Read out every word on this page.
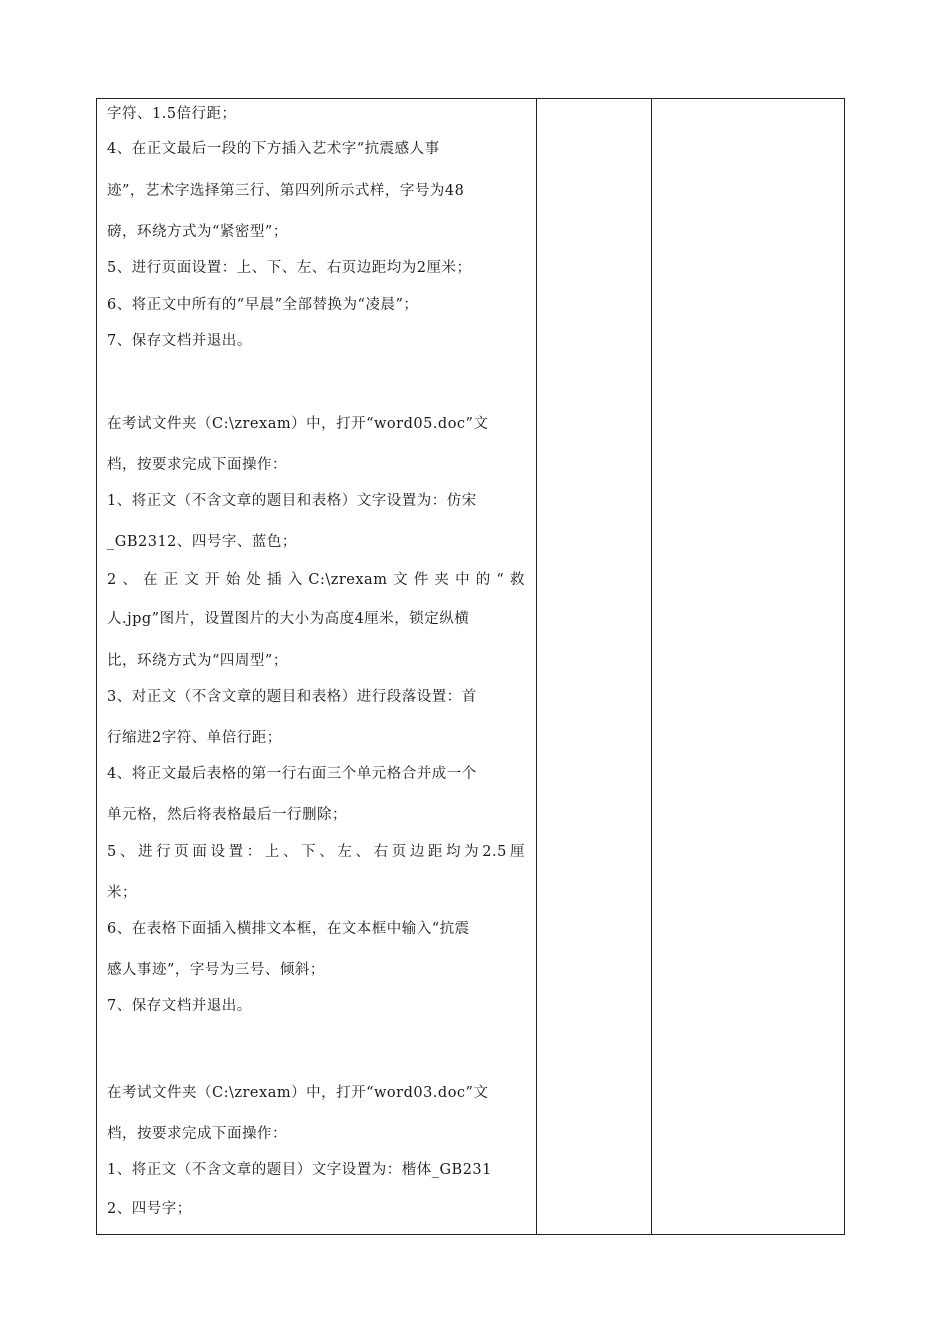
字符、1.5倍行距；
4、在正文最后一段的下方插入艺术字“抗震感人事
迹”，艺术字选择第三行、第四列所示式样，字号为48
磅，环绕方式为“紧密型”；
5、进行页面设置：上、下、左、右页边距均为2厘米；
6、将正文中所有的“早晨”全部替换为“凌晨”；
7、保存文档并退出。
在考试文件夹（C:\zrexam）中，打开“word05.doc”文
档，按要求完成下面操作：
1、将正文（不含文章的题目和表格）文字设置为：仿宋
_GB2312、四号字、蓝色；
2、在正文开始处插入C:\zrexam文件夹中的“救
人.jpg”图片，设置图片的大小为高度4厘米，锁定纵横
比，环绕方式为“四周型”；
3、对正文（不含文章的题目和表格）进行段落设置：首
行缩进2字符、单倍行距；
4、将正文最后表格的第一行右面三个单元格合并成一个
单元格，然后将表格最后一行删除；
5、进行页面设置：上、下、左、右页边距均为2.5厘
米；
6、在表格下面插入横排文本框，在文本框中输入“抗震
感人事迹”，字号为三号、倾斜；
7、保存文档并退出。
在考试文件夹（C:\zrexam）中，打开“word03.doc”文
档，按要求完成下面操作：
1、将正文（不含文章的题目）文字设置为：楷体_GB231
2、四号字；
